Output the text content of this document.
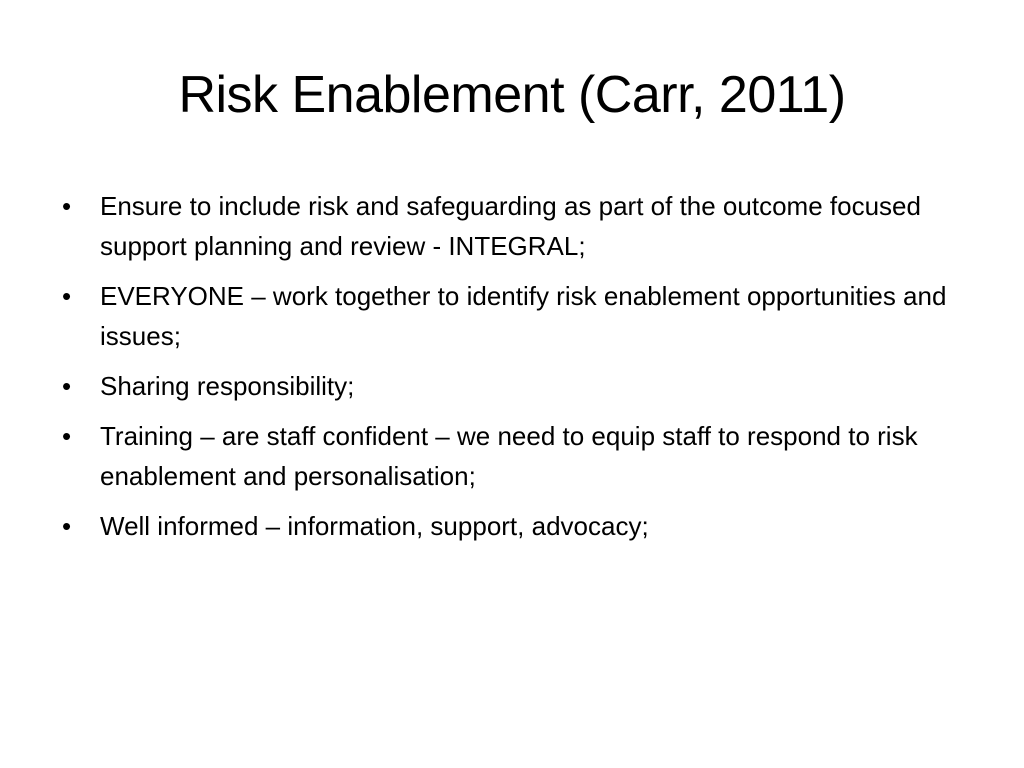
Risk Enablement (Carr, 2011)
•	Ensure to include risk and safeguarding as part of the outcome focused support planning and review - INTEGRAL;
•	EVERYONE – work together to identify risk enablement opportunities and issues;
•	Sharing responsibility;
•	Training – are staff confident – we need to equip staff to respond to risk enablement and personalisation;
•	Well informed – information, support, advocacy;
